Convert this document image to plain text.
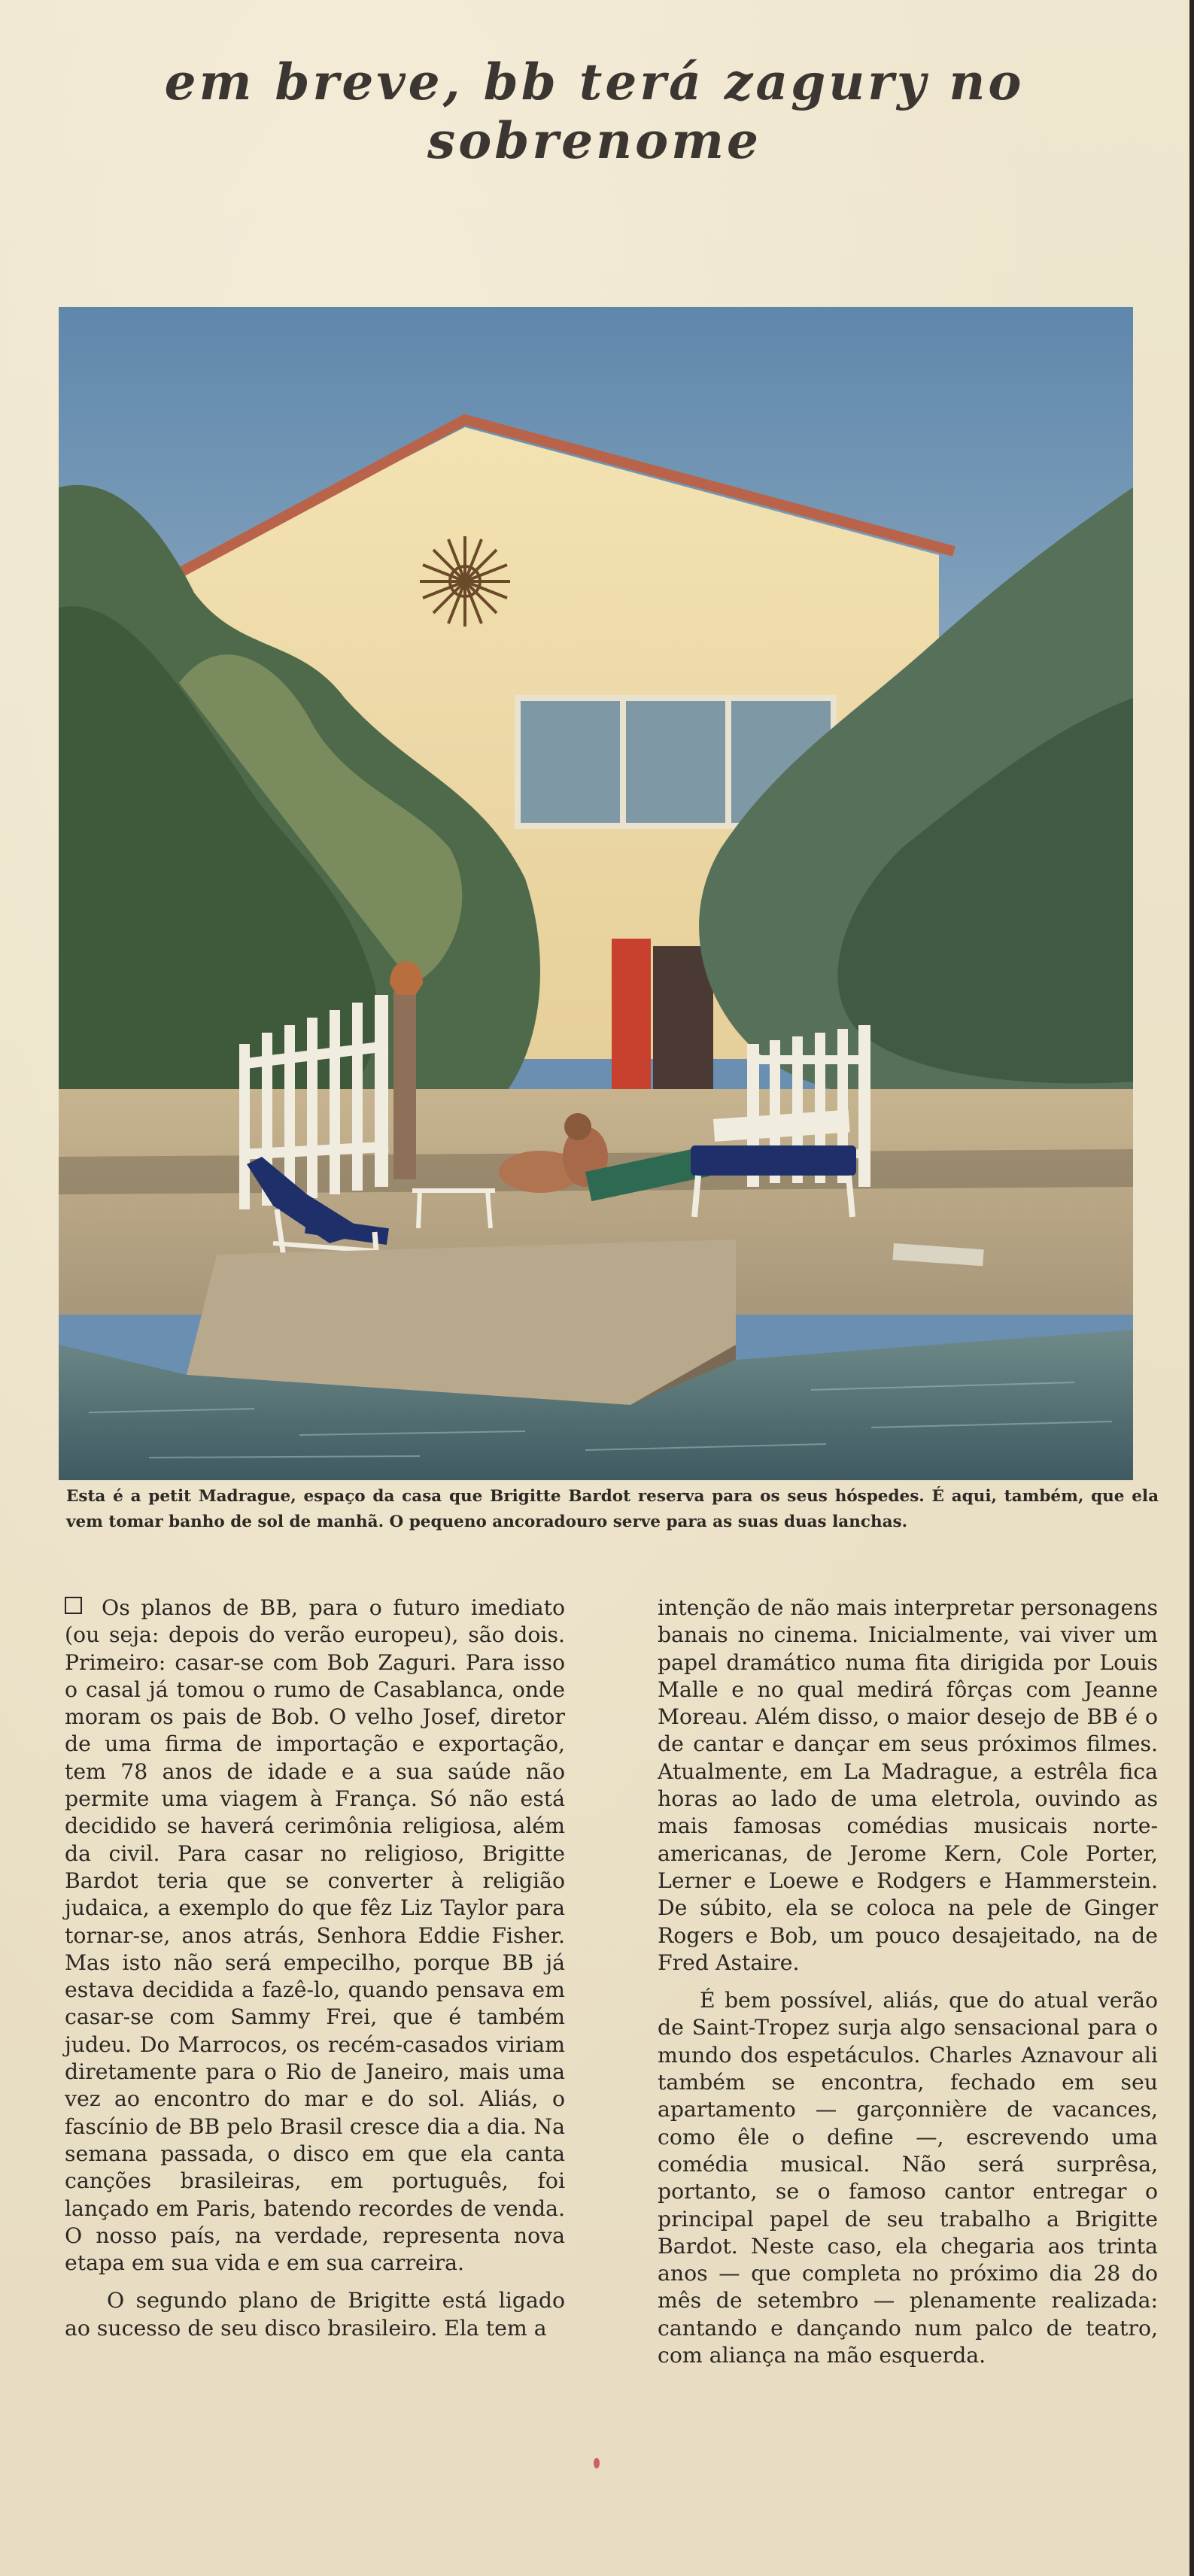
em breve, bb terá zagury no sobrenome

Esta é a petit Madrague, espaço da casa que Brigitte Bardot reserva para os seus hóspedes. É aqui, também, que ela vem tomar banho de sol de manhã. O pequeno ancoradouro serve para as suas duas lanchas.

Os planos de BB, para o futuro imediato (ou seja: depois do verão europeu), são dois. Primeiro: casar-se com Bob Zaguri. Para isso o casal já tomou o rumo de Casablanca, onde moram os pais de Bob. O velho Josef, diretor de uma firma de importação e exportação, tem 78 anos de idade e a sua saúde não permite uma viagem à França. Só não está decidido se haverá cerimônia religiosa, além da civil. Para casar no religioso, Brigitte Bardot teria que se converter à religião judaica, a exemplo do que fêz Liz Taylor para tornar-se, anos atrás, Senhora Eddie Fisher. Mas isto não será empecilho, porque BB já estava decidida a fazê-lo, quando pensava em casar-se com Sammy Frei, que é também judeu. Do Marrocos, os recém-casados viriam diretamente para o Rio de Janeiro, mais uma vez ao encontro do mar e do sol. Aliás, o fascínio de BB pelo Brasil cresce dia a dia. Na semana passada, o disco em que ela canta canções brasileiras, em português, foi lançado em Paris, batendo recordes de venda. O nosso país, na verdade, representa nova etapa em sua vida e em sua carreira.

O segundo plano de Brigitte está ligado ao sucesso de seu disco brasileiro. Ela tem a

intenção de não mais interpretar personagens banais no cinema. Inicialmente, vai viver um papel dramático numa fita dirigida por Louis Malle e no qual medirá fôrças com Jeanne Moreau. Além disso, o maior desejo de BB é o de cantar e dançar em seus próximos filmes. Atualmente, em La Madrague, a estrêla fica horas ao lado de uma eletrola, ouvindo as mais famosas comédias musicais norte-americanas, de Jerome Kern, Cole Porter, Lerner e Loewe e Rodgers e Hammerstein. De súbito, ela se coloca na pele de Ginger Rogers e Bob, um pouco desajeitado, na de Fred Astaire.

É bem possível, aliás, que do atual verão de Saint-Tropez surja algo sensacional para o mundo dos espetáculos. Charles Aznavour ali também se encontra, fechado em seu apartamento — garçonnière de vacances, como êle o define —, escrevendo uma comédia musical. Não será surprêsa, portanto, se o famoso cantor entregar o principal papel de seu trabalho a Brigitte Bardot. Neste caso, ela chegaria aos trinta anos — que completa no próximo dia 28 do mês de setembro — plenamente realizada: cantando e dançando num palco de teatro, com aliança na mão esquerda.
